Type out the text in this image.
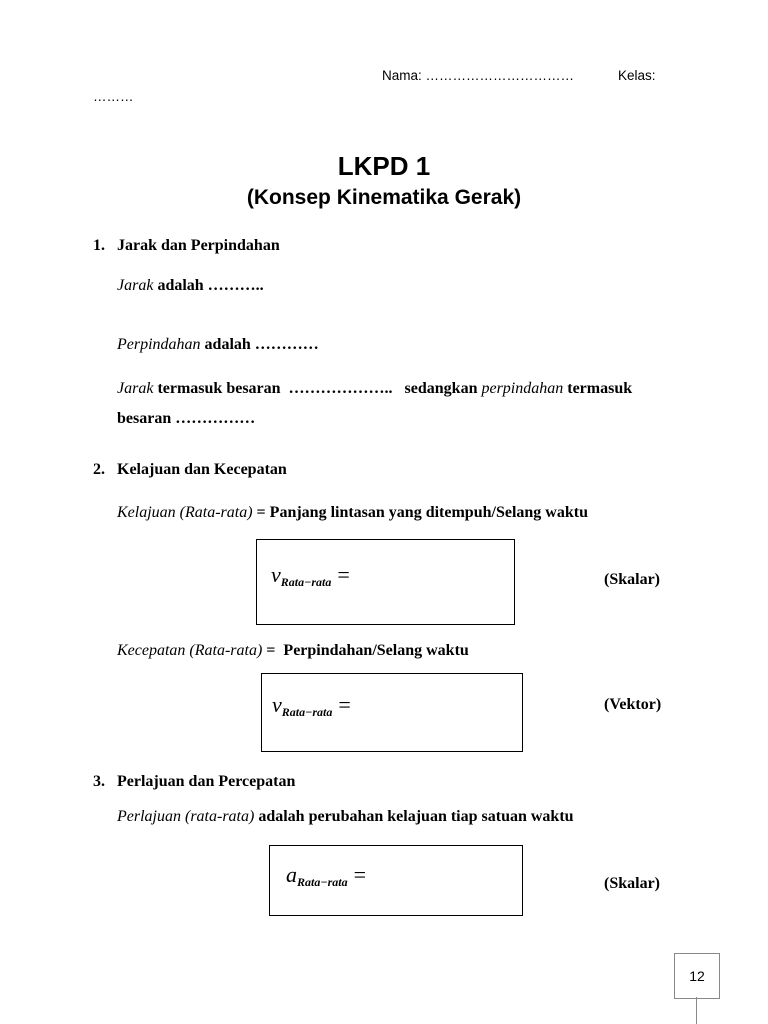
Nama: ……………………………	Kelas:
………
LKPD 1
(Konsep Kinematika Gerak)
1. Jarak dan Perpindahan
Jarak adalah ………..
Perpindahan adalah …………
Jarak termasuk besaran  ………………..   sedangkan perpindahan termasuk
besaran ……………
2. Kelajuan dan Kecepatan
Kelajuan (Rata-rata) = Panjang lintasan yang ditempuh/Selang waktu
$v_{Rata-rata}$ =	(Skalar)
Kecepatan (Rata-rata) =  Perpindahan/Selang waktu
$v_{Rata-rata}$ =	(Vektor)
3. Perlajuan dan Percepatan
Perlajuan (rata-rata) adalah perubahan kelajuan tiap satuan waktu
$a_{Rata-rata}$ =	(Skalar)
12
